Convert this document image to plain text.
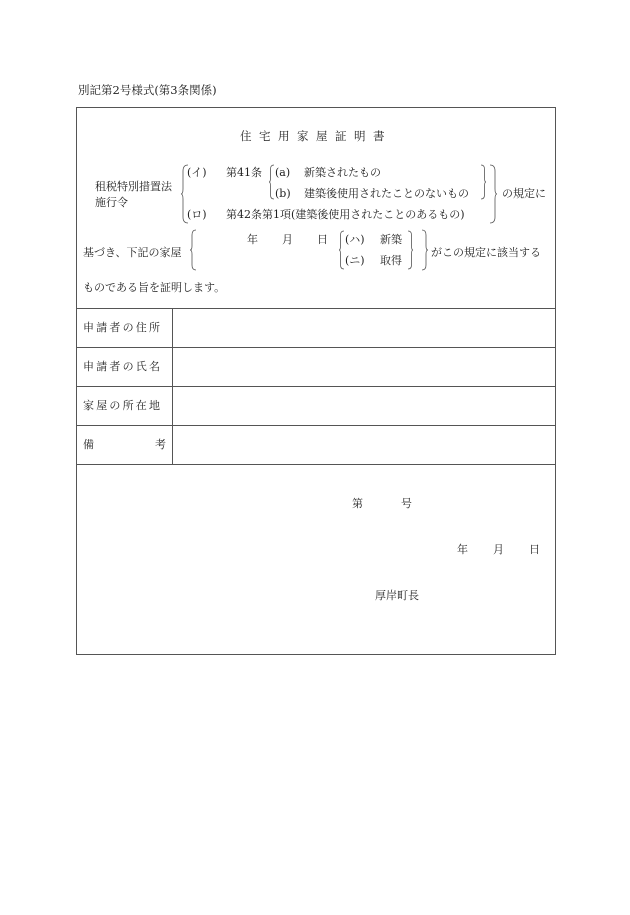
別記第2号様式(第3条関係)
住宅用家屋証明書
租税特別措置法
施行令
(イ) 第41条 (a) 新築されたもの
(b) 建築後使用されたことのないもの	の規定に
(ロ) 第42条第1項(建築後使用されたことのあるもの)
基づき、下記の家屋
年 月 日 (ハ) 新築
(ニ) 取得
がこの規定に該当する
ものである旨を証明します。
申請者の住所
申請者の氏名
家屋の所在地
備	考
第	号
年 月 日
厚岸町長
